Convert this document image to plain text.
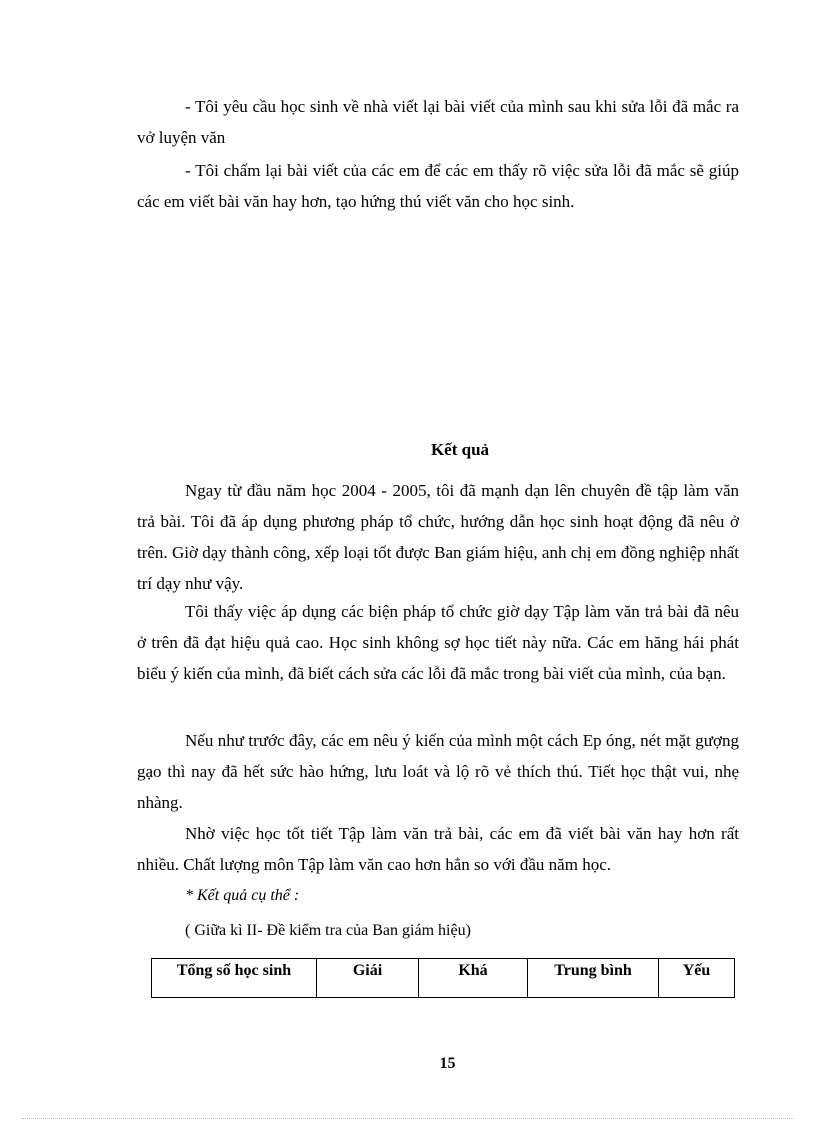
- Tôi yêu cầu học sinh về nhà viết lại bài viết của mình sau khi sửa lỗi đã mắc ra vở luyện văn

- Tôi chấm lại bài viết của các em để các em thấy rõ việc sửa lỗi đã mắc sẽ giúp các em viết bài văn hay hơn, tạo hứng thú viết văn cho học sinh.

Kết quả

Ngay từ đầu năm học 2004 - 2005, tôi đã mạnh dạn lên chuyên đề tập làm văn trả bài. Tôi đã áp dụng phương pháp tổ chức, hướng dẫn học sinh hoạt động đã nêu ở trên. Giờ dạy thành công, xếp loại tốt được Ban giám hiệu, anh chị em đồng nghiệp nhất trí dạy như vậy.

Tôi thấy việc áp dụng các biện pháp tổ chức giờ dạy Tập làm văn trả bài đã nêu ở trên đã đạt hiệu quả cao. Học sinh không sợ học tiết này nữa. Các em hăng hái phát biểu ý kiến của mình, đã biết cách sửa các lỗi đã mắc trong bài viết của mình, của bạn.

Nếu như trước đây, các em nêu ý kiến của mình một cách Ep óng, nét mặt gượng gạo thì nay đã hết sức hào hứng, lưu loát và lộ rõ vẻ thích thú. Tiết học thật vui, nhẹ nhàng.

Nhờ việc học tốt tiết Tập làm văn trả bài, các em đã viết bài văn hay hơn rất nhiều. Chất lượng môn Tập làm văn cao hơn hẳn so với đầu năm học.

* Kết quả cụ thể :

( Giữa kì II- Đề kiểm tra của Ban giám hiệu)

Tổng số học sinh	Giái	Khá	Trung bình	Yếu

15
